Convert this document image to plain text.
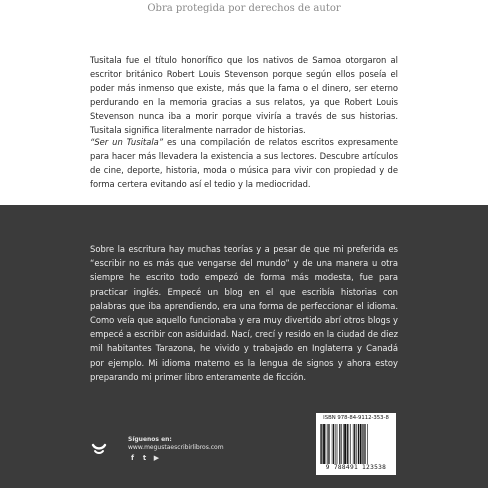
Obra protegida por derechos de autor

Tusitala fue el título honorífico que los nativos de Samoa otorgaron al escritor británico Robert Louis Stevenson porque según ellos poseía el poder más inmenso que existe, más que la fama o el dinero, ser eterno perdurando en la memoria gracias a sus relatos, ya que Robert Louis Stevenson nunca iba a morir porque viviría a través de sus historias. Tusitala significa literalmente narrador de historias.

“Ser un Tusitala” es una compilación de relatos escritos expresamente para hacer más llevadera la existencia a sus lectores. Descubre artículos de cine, deporte, historia, moda o música para vivir con propiedad y de forma certera evitando así el tedio y la mediocridad.

Sobre la escritura hay muchas teorías y a pesar de que mi preferida es “escribir no es más que vengarse del mundo” y de una manera u otra siempre he escrito todo empezó de forma más modesta, fue para practicar inglés. Empecé un blog en el que escribía historias con palabras que iba aprendiendo, era una forma de perfeccionar el idioma. Como veía que aquello funcionaba y era muy divertido abrí otros blogs y empecé a escribir con asiduidad. Nací, crecí y resido en la ciudad de diez mil habitantes Tarazona, he vivido y trabajado en Inglaterra y Canadá por ejemplo. Mi idioma materno es la lengua de signos y ahora estoy preparando mi primer libro enteramente de ficción.

Síguenos en:
www.megustaescribirlibros.com
f	t	▶
ISBN 978-84-9112-353-8
9 788491 123538
